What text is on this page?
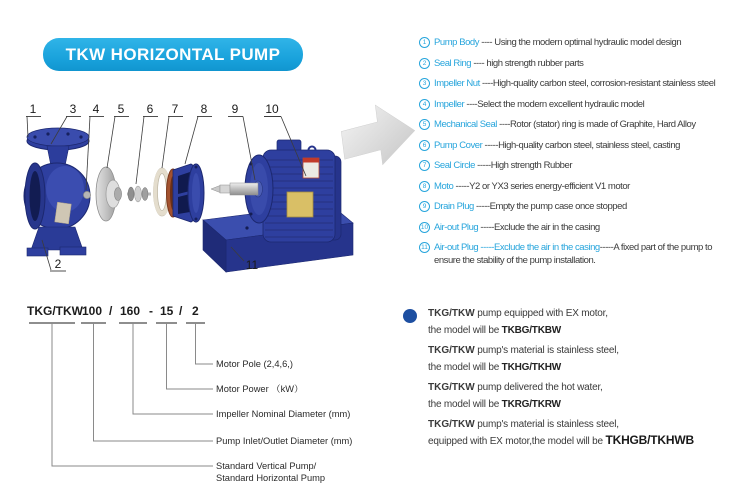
TKW HORIZONTAL PUMP
1	3 4 5 6 7 8 9 10
2	11
1 Pump Body ---- Using the modern optimal hydraulic model design
2 Seal Ring ---- high strength rubber parts
3 Impeller Nut ----High-quality carbon steel, corrosion-resistant stainless steel
4 Impeller ----Select the modern excellent hydraulic model
5 Mechanical Seal ----Rotor (stator) ring is made of Graphite, Hard Alloy
6 Pump Cover -----High-quality carbon steel, stainless steel, casting
7 Seal Circle -----High strength Rubber
8 Moto -----Y2 or YX3 series energy-efficient V1 motor
9 Drain Plug -----Empty the pump case once stopped
10 Air-out Plug -----Exclude the air in the casing
11 Air-out Plug -----Exclude the air in the casing-----A fixed part of the pump to
ensure the stability of the pump installation.
TKG/TKW 100 / 160 - 15 / 2
Motor Pole (2,4,6,)
Motor Power （kW）
Impeller Nominal Diameter (mm)
Pump Inlet/Outlet Diameter (mm)
Standard Vertical Pump/
Standard Horizontal Pump
TKG/TKW pump equipped with EX motor,
the model will be TKBG/TKBW
TKG/TKW pump's material is stainless steel,
the model will be TKHG/TKHW
TKG/TKW pump delivered the hot water,
the model will be TKRG/TKRW
TKG/TKW pump's material is stainless steel,
equipped with EX motor,the model will be TKHGB/TKHWB
